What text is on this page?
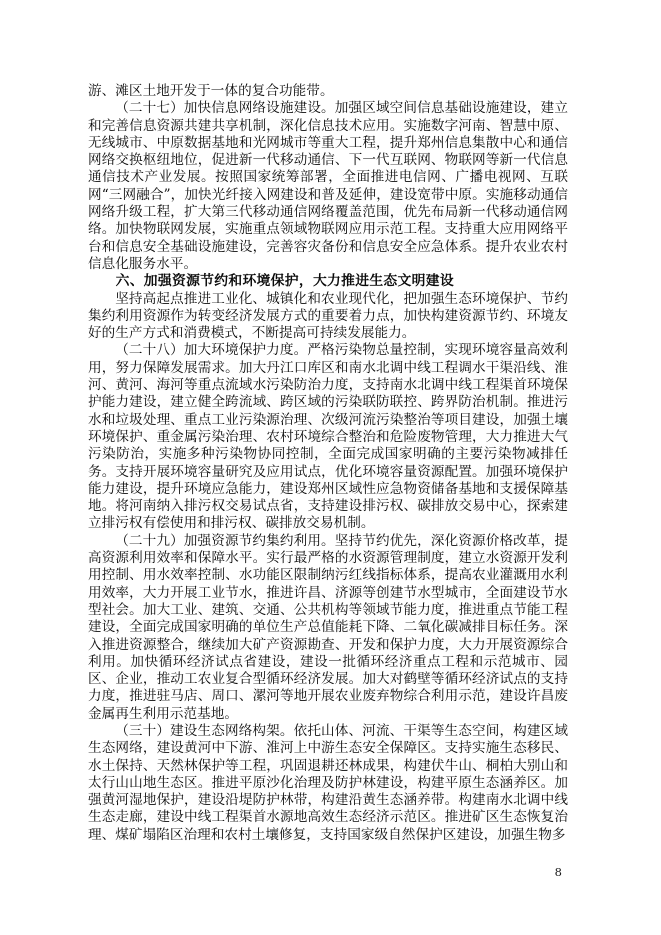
游、滩区土地开发于一体的复合功能带。

（二十七）加快信息网络设施建设。加强区域空间信息基础设施建设，建立和完善信息资源共建共享机制，深化信息技术应用。实施数字河南、智慧中原、无线城市、中原数据基地和光网城市等重大工程，提升郑州信息集散中心和通信网络交换枢纽地位，促进新一代移动通信、下一代互联网、物联网等新一代信息通信技术产业发展。按照国家统筹部署，全面推进电信网、广播电视网、互联网“三网融合”，加快光纤接入网建设和普及延伸，建设宽带中原。实施移动通信网络升级工程，扩大第三代移动通信网络覆盖范围，优先布局新一代移动通信网络。加快物联网发展，实施重点领域物联网应用示范工程。支持重大应用网络平台和信息安全基础设施建设，完善容灾备份和信息安全应急体系。提升农业农村信息化服务水平。

六、加强资源节约和环境保护，大力推进生态文明建设

坚持高起点推进工业化、城镇化和农业现代化，把加强生态环境保护、节约集约利用资源作为转变经济发展方式的重要着力点，加快构建资源节约、环境友好的生产方式和消费模式，不断提高可持续发展能力。

（二十八）加大环境保护力度。严格污染物总量控制，实现环境容量高效利用，努力保障发展需求。加大丹江口库区和南水北调中线工程调水干渠沿线、淮河、黄河、海河等重点流域水污染防治力度，支持南水北调中线工程渠首环境保护能力建设，建立健全跨流域、跨区域的污染联防联控、跨界防治机制。推进污水和垃圾处理、重点工业污染源治理、次级河流污染整治等项目建设，加强土壤环境保护、重金属污染治理、农村环境综合整治和危险废物管理，大力推进大气污染防治，实施多种污染物协同控制，全面完成国家明确的主要污染物减排任务。支持开展环境容量研究及应用试点，优化环境容量资源配置。加强环境保护能力建设，提升环境应急能力，建设郑州区域性应急物资储备基地和支援保障基地。将河南纳入排污权交易试点省，支持建设排污权、碳排放交易中心，探索建立排污权有偿使用和排污权、碳排放交易机制。

（二十九）加强资源节约集约利用。坚持节约优先，深化资源价格改革，提高资源利用效率和保障水平。实行最严格的水资源管理制度，建立水资源开发利用控制、用水效率控制、水功能区限制纳污红线指标体系，提高农业灌溉用水利用效率，大力开展工业节水，推进许昌、济源等创建节水型城市，全面建设节水型社会。加大工业、建筑、交通、公共机构等领域节能力度，推进重点节能工程建设，全面完成国家明确的单位生产总值能耗下降、二氧化碳减排目标任务。深入推进资源整合，继续加大矿产资源勘查、开发和保护力度，大力开展资源综合利用。加快循环经济试点省建设，建设一批循环经济重点工程和示范城市、园区、企业，推动工农业复合型循环经济发展。加大对鹤壁等循环经济试点的支持力度，推进驻马店、周口、漯河等地开展农业废弃物综合利用示范，建设许昌废金属再生利用示范基地。

（三十）建设生态网络构架。依托山体、河流、干渠等生态空间，构建区域生态网络，建设黄河中下游、淮河上中游生态安全保障区。支持实施生态移民、水土保持、天然林保护等工程，巩固退耕还林成果，构建伏牛山、桐柏大别山和太行山山地生态区。推进平原沙化治理及防护林建设，构建平原生态涵养区。加强黄河湿地保护，建设沿堤防护林带，构建沿黄生态涵养带。构建南水北调中线生态走廊，建设中线工程渠首水源地高效生态经济示范区。推进矿区生态恢复治理、煤矿塌陷区治理和农村土壤修复，支持国家级自然保护区建设，加强生物多

8
